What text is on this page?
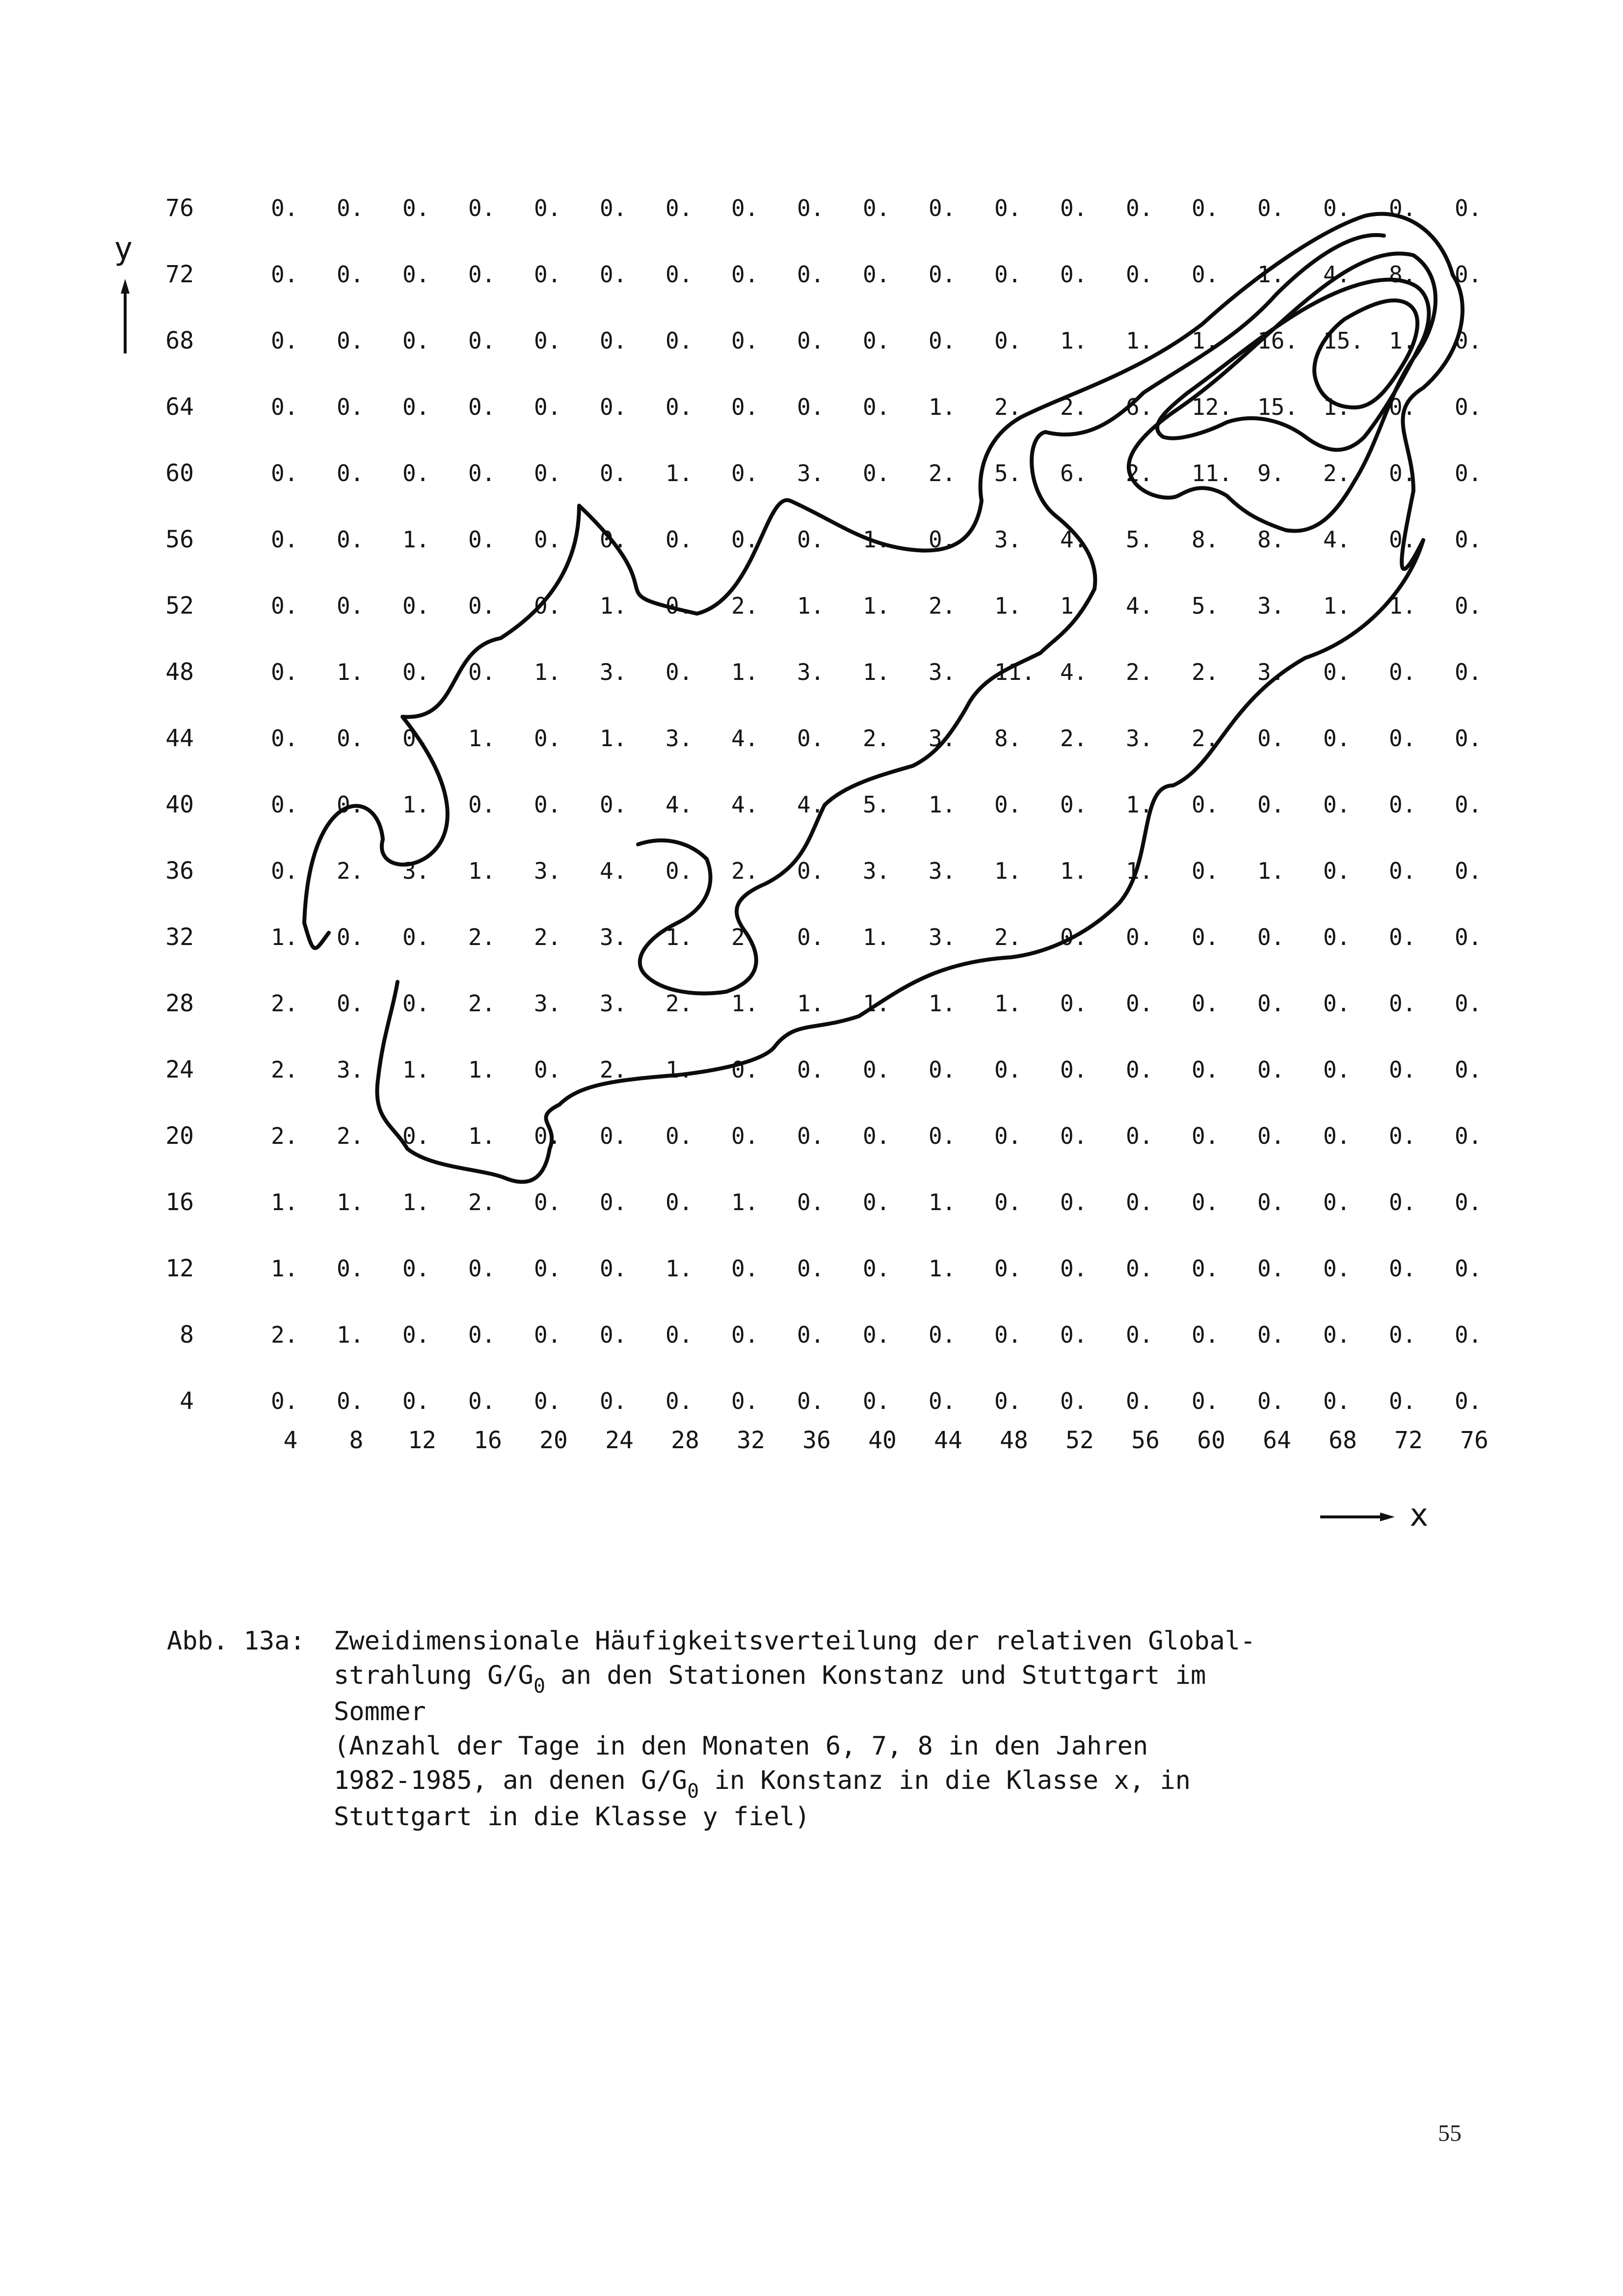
y
x
76
72
68
64
60
56
52
48
44
40
36
32
28
24
20
16
12
8
4
4 8 12 16 20 24 28 32 36 40 44 48 52 56 60 64 68 72 76
0. 0. 0. 0. 0. 0. 0. 0. 0. 0. 0. 0. 0. 0. 0. 0. 0. 0. 0.
0. 0. 0. 0. 0. 0. 0. 0. 0. 0. 0. 0. 0. 0. 0. 1. 4. 8. 0.
0. 0. 0. 0. 0. 0. 0. 0. 0. 0. 0. 0. 1. 1. 1. 16. 15. 1. 0.
0. 0. 0. 0. 0. 0. 0. 0. 0. 0. 1. 2. 2. 6. 12. 15. 1. 0. 0.
0. 0. 0. 0. 0. 0. 1. 0. 3. 0. 2. 5. 6. 2. 11. 9. 2. 0. 0.
0. 0. 1. 0. 0. 0. 0. 0. 0. 1. 0. 3. 4. 5. 8. 8. 4. 0. 0.
0. 0. 0. 0. 0. 1. 0. 2. 1. 1. 2. 1. 1. 4. 5. 3. 1. 1. 0.
0. 1. 0. 0. 1. 3. 0. 1. 3. 1. 3. 11. 4. 2. 2. 3. 0. 0. 0.
0. 0. 0. 1. 0. 1. 3. 4. 0. 2. 3. 8. 2. 3. 2. 0. 0. 0. 0.
0. 0. 1. 0. 0. 0. 4. 4. 4. 5. 1. 0. 0. 1. 0. 0. 0. 0. 0.
0. 2. 3. 1. 3. 4. 0. 2. 0. 3. 3. 1. 1. 1. 0. 1. 0. 0. 0.
1. 0. 0. 2. 2. 3. 1. 2. 0. 1. 3. 2. 0. 0. 0. 0. 0. 0. 0.
2. 0. 0. 2. 3. 3. 2. 1. 1. 1. 1. 1. 0. 0. 0. 0. 0. 0. 0.
2. 3. 1. 1. 0. 2. 1. 0. 0. 0. 0. 0. 0. 0. 0. 0. 0. 0. 0.
2. 2. 0. 1. 0. 0. 0. 0. 0. 0. 0. 0. 0. 0. 0. 0. 0. 0. 0.
1. 1. 1. 2. 0. 0. 0. 1. 0. 0. 1. 0. 0. 0. 0. 0. 0. 0. 0.
1. 0. 0. 0. 0. 0. 1. 0. 0. 0. 1. 0. 0. 0. 0. 0. 0. 0. 0.
2. 1. 0. 0. 0. 0. 0. 0. 0. 0. 0. 0. 0. 0. 0. 0. 0. 0. 0.
0. 0. 0. 0. 0. 0. 0. 0. 0. 0. 0. 0. 0. 0. 0. 0. 0. 0. 0.
Abb. 13a:	Zweidimensionale Häufigkeitsverteilung der relativen Global-
strahlung $G/G_0$ an den Stationen Konstanz und Stuttgart im
Sommer
(Anzahl der Tage in den Monaten 6, 7, 8 in den Jahren
1982-1985, an denen $G/G_0$ in Konstanz in die Klasse x, in
Stuttgart in die Klasse y fiel)
55
